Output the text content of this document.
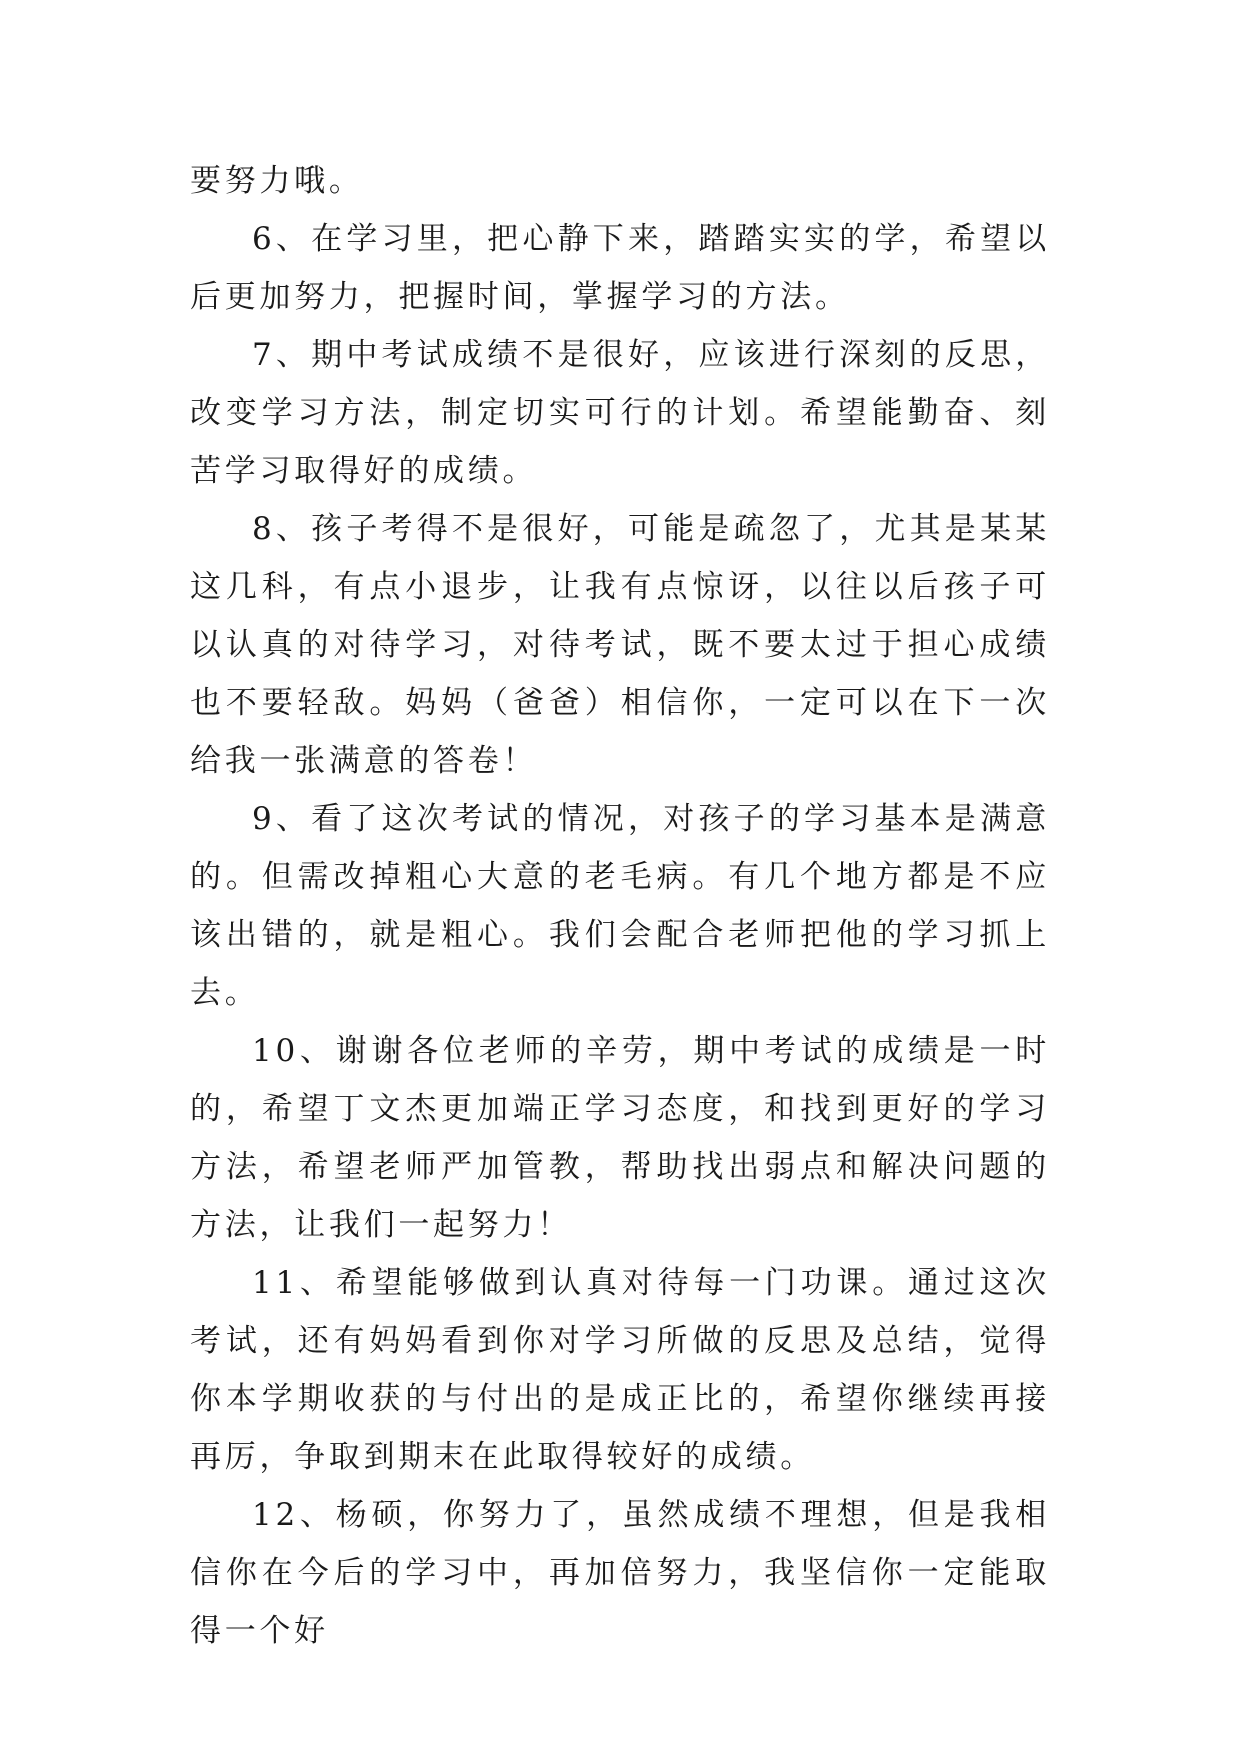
要努力哦。

6、在学习里，把心静下来，踏踏实实的学，希望以后更加努力，把握时间，掌握学习的方法。

7、期中考试成绩不是很好，应该进行深刻的反思，改变学习方法，制定切实可行的计划。希望能勤奋、刻苦学习取得好的成绩。

8、孩子考得不是很好，可能是疏忽了，尤其是某某这几科，有点小退步，让我有点惊讶，以往以后孩子可以认真的对待学习，对待考试，既不要太过于担心成绩也不要轻敌。妈妈（爸爸）相信你，一定可以在下一次给我一张满意的答卷！

9、看了这次考试的情况，对孩子的学习基本是满意的。但需改掉粗心大意的老毛病。有几个地方都是不应该出错的，就是粗心。我们会配合老师把他的学习抓上去。

10、谢谢各位老师的辛劳，期中考试的成绩是一时的，希望丁文杰更加端正学习态度，和找到更好的学习方法，希望老师严加管教，帮助找出弱点和解决问题的方法，让我们一起努力！

11、希望能够做到认真对待每一门功课。通过这次考试，还有妈妈看到你对学习所做的反思及总结，觉得你本学期收获的与付出的是成正比的，希望你继续再接再厉，争取到期末在此取得较好的成绩。

12、杨硕，你努力了，虽然成绩不理想，但是我相信你在今后的学习中，再加倍努力，我坚信你一定能取得一个好
